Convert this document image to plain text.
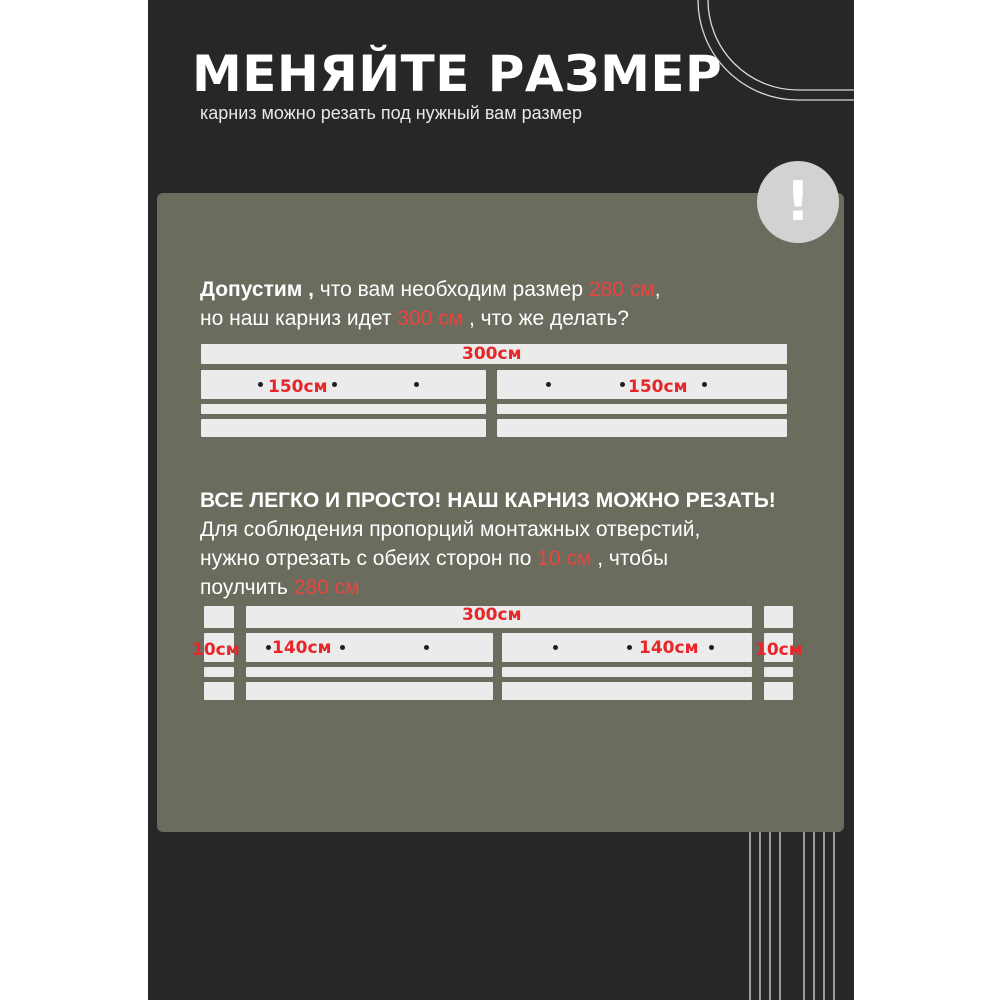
МЕНЯЙТЕ РАЗМЕР
карниз можно резать под нужный вам размер
!
Допустим , что вам необходим размер 280 см,
но наш карниз идет 300 см , что же делать?
300см
150см	150см
ВСЕ ЛЕГКО И ПРОСТО! НАШ КАРНИЗ МОЖНО РЕЗАТЬ!
Для соблюдения пропорций монтажных отверстий,
нужно отрезать с обеих сторон по 10 см , чтобы
поулчить 280 см
300см
10см 140см	140см	10см
